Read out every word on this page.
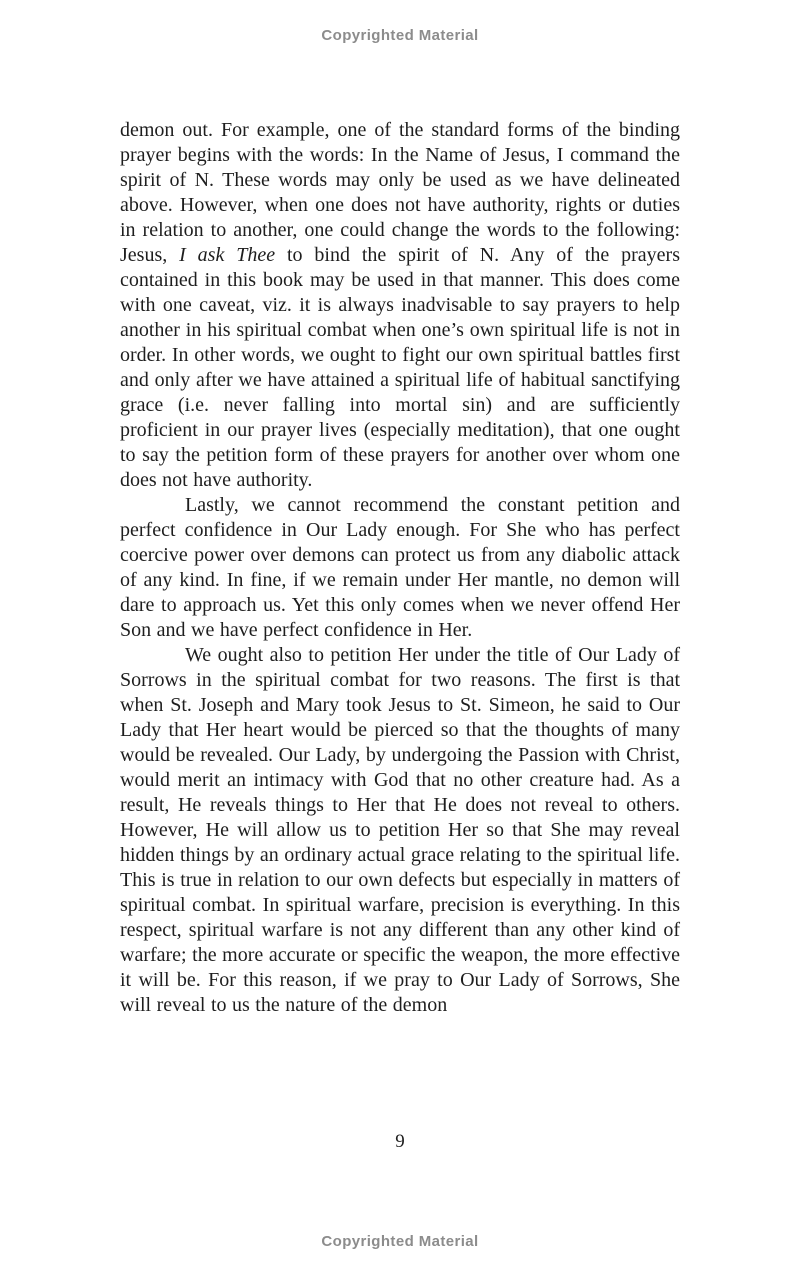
Copyrighted Material

demon out. For example, one of the standard forms of the binding prayer begins with the words: In the Name of Jesus, I command the spirit of N. These words may only be used as we have delineated above. However, when one does not have authority, rights or duties in relation to another, one could change the words to the following: Jesus, I ask Thee to bind the spirit of N. Any of the prayers contained in this book may be used in that manner. This does come with one caveat, viz. it is always inadvisable to say prayers to help another in his spiritual combat when one’s own spiritual life is not in order. In other words, we ought to fight our own spiritual battles first and only after we have attained a spiritual life of habitual sanctifying grace (i.e. never falling into mortal sin) and are sufficiently proficient in our prayer lives (especially meditation), that one ought to say the petition form of these prayers for another over whom one does not have authority.

Lastly, we cannot recommend the constant petition and perfect confidence in Our Lady enough. For She who has perfect coercive power over demons can protect us from any diabolic attack of any kind. In fine, if we remain under Her mantle, no demon will dare to approach us. Yet this only comes when we never offend Her Son and we have perfect confidence in Her.

We ought also to petition Her under the title of Our Lady of Sorrows in the spiritual combat for two reasons. The first is that when St. Joseph and Mary took Jesus to St. Simeon, he said to Our Lady that Her heart would be pierced so that the thoughts of many would be revealed. Our Lady, by undergoing the Passion with Christ, would merit an intimacy with God that no other creature had. As a result, He reveals things to Her that He does not reveal to others. However, He will allow us to petition Her so that She may reveal hidden things by an ordinary actual grace relating to the spiritual life. This is true in relation to our own defects but especially in matters of spiritual combat. In spiritual warfare, precision is everything. In this respect, spiritual warfare is not any different than any other kind of warfare; the more accurate or specific the weapon, the more effective it will be. For this reason, if we pray to Our Lady of Sorrows, She will reveal to us the nature of the demon

9
Copyrighted Material
